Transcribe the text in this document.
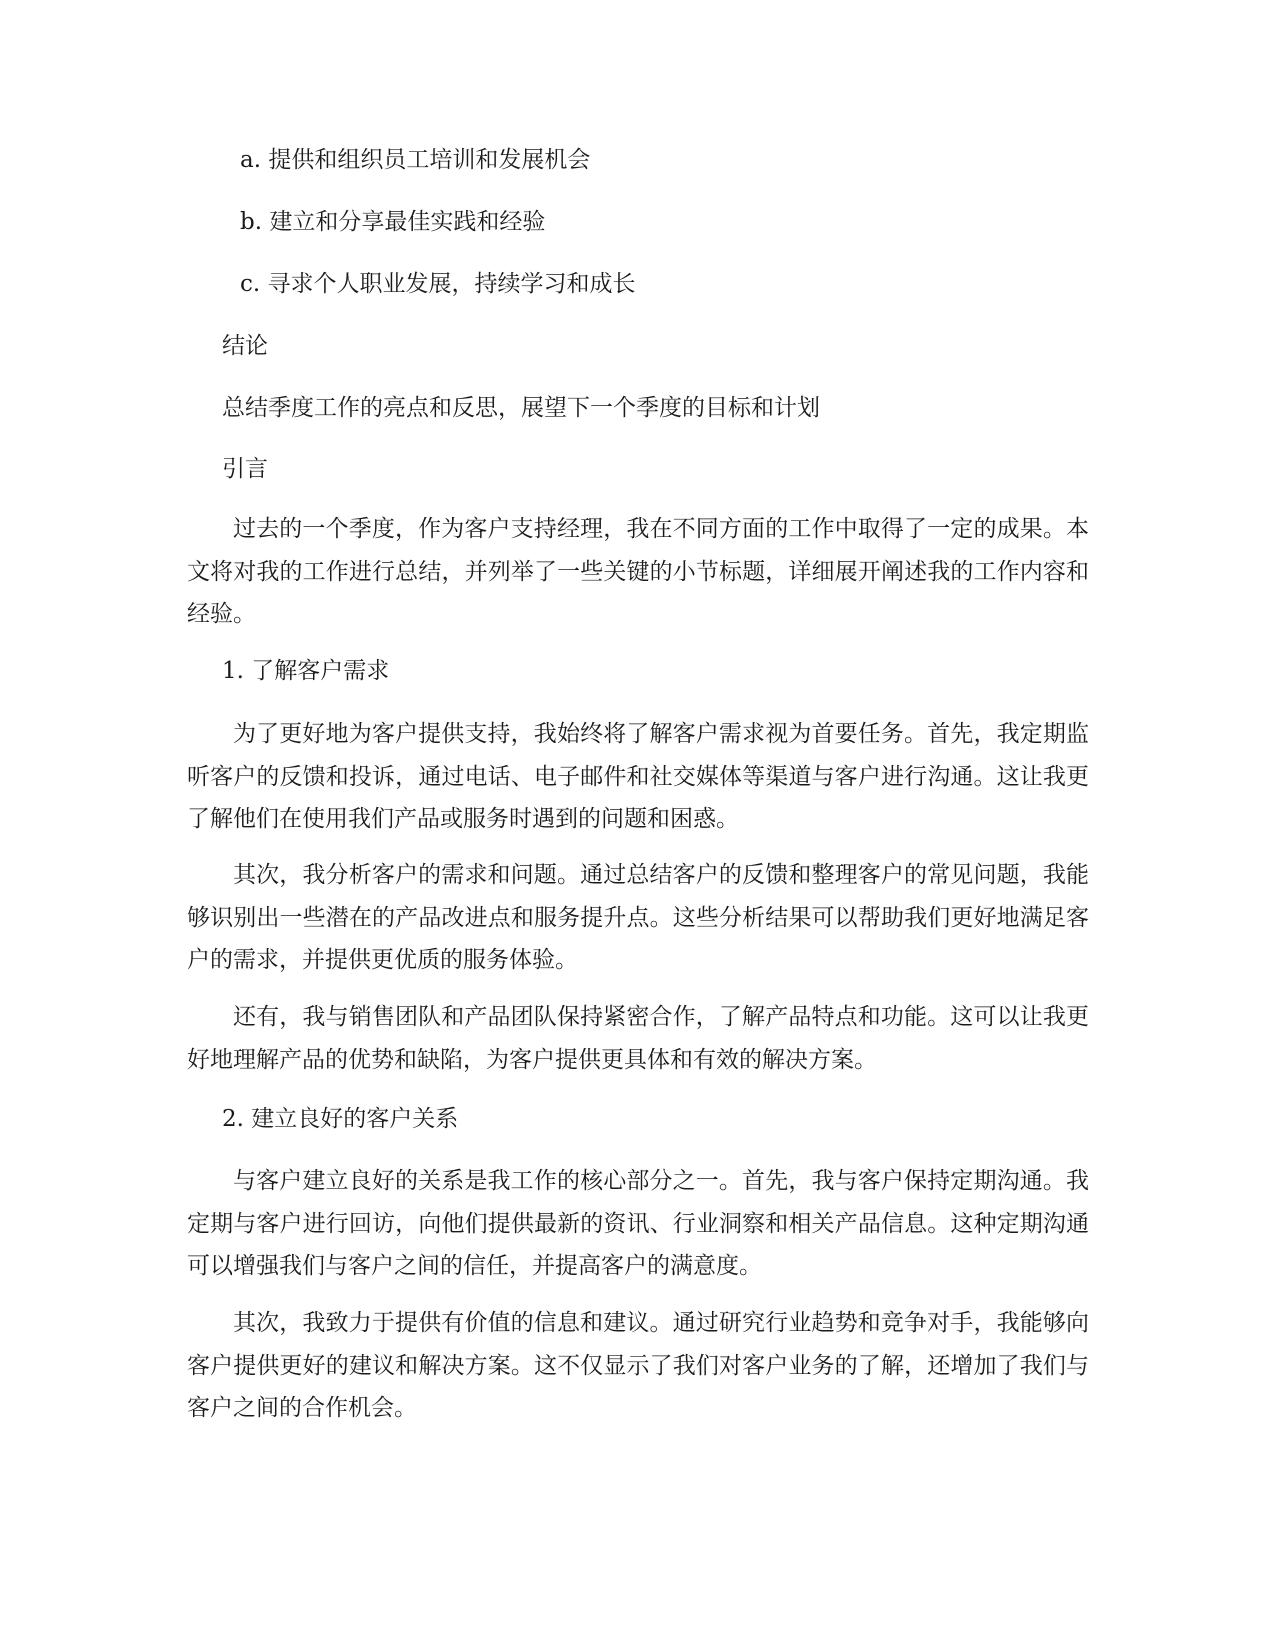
a. 提供和组织员工培训和发展机会

b. 建立和分享最佳实践和经验

c. 寻求个人职业发展，持续学习和成长

结论

总结季度工作的亮点和反思，展望下一个季度的目标和计划

引言

过去的一个季度，作为客户支持经理，我在不同方面的工作中取得了一定的成果。本文将对我的工作进行总结，并列举了一些关键的小节标题，详细展开阐述我的工作内容和经验。

1. 了解客户需求

为了更好地为客户提供支持，我始终将了解客户需求视为首要任务。首先，我定期监听客户的反馈和投诉，通过电话、电子邮件和社交媒体等渠道与客户进行沟通。这让我更了解他们在使用我们产品或服务时遇到的问题和困惑。

其次，我分析客户的需求和问题。通过总结客户的反馈和整理客户的常见问题，我能够识别出一些潜在的产品改进点和服务提升点。这些分析结果可以帮助我们更好地满足客户的需求，并提供更优质的服务体验。

还有，我与销售团队和产品团队保持紧密合作，了解产品特点和功能。这可以让我更好地理解产品的优势和缺陷，为客户提供更具体和有效的解决方案。

2. 建立良好的客户关系

与客户建立良好的关系是我工作的核心部分之一。首先，我与客户保持定期沟通。我定期与客户进行回访，向他们提供最新的资讯、行业洞察和相关产品信息。这种定期沟通可以增强我们与客户之间的信任，并提高客户的满意度。

其次，我致力于提供有价值的信息和建议。通过研究行业趋势和竞争对手，我能够向客户提供更好的建议和解决方案。这不仅显示了我们对客户业务的了解，还增加了我们与客户之间的合作机会。
